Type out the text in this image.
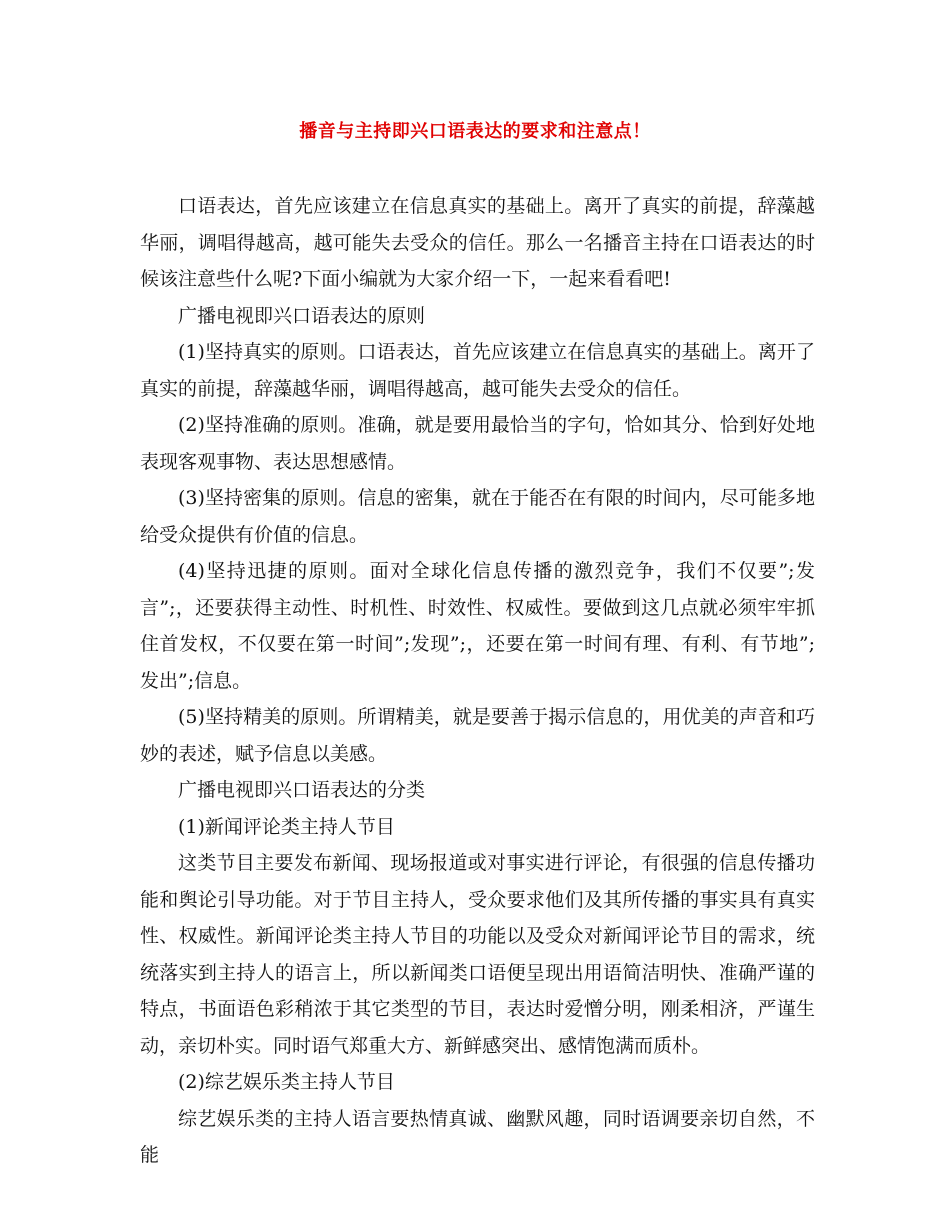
播音与主持即兴口语表达的要求和注意点！

口语表达，首先应该建立在信息真实的基础上。离开了真实的前提，辞藻越华丽，调唱得越高，越可能失去受众的信任。那么一名播音主持在口语表达的时候该注意些什么呢?下面小编就为大家介绍一下，一起来看看吧!

广播电视即兴口语表达的原则

(1)坚持真实的原则。口语表达，首先应该建立在信息真实的基础上。离开了真实的前提，辞藻越华丽，调唱得越高，越可能失去受众的信任。

(2)坚持准确的原则。准确，就是要用最恰当的字句，恰如其分、恰到好处地表现客观事物、表达思想感情。

(3)坚持密集的原则。信息的密集，就在于能否在有限的时间内，尽可能多地给受众提供有价值的信息。

(4)坚持迅捷的原则。面对全球化信息传播的激烈竞争，我们不仅要”;发言”;，还要获得主动性、时机性、时效性、权威性。要做到这几点就必须牢牢抓住首发权，不仅要在第一时间”;发现”;，还要在第一时间有理、有利、有节地”;发出”;信息。

(5)坚持精美的原则。所谓精美，就是要善于揭示信息的，用优美的声音和巧妙的表述，赋予信息以美感。

广播电视即兴口语表达的分类

(1)新闻评论类主持人节目

这类节目主要发布新闻、现场报道或对事实进行评论，有很强的信息传播功能和舆论引导功能。对于节目主持人，受众要求他们及其所传播的事实具有真实性、权威性。新闻评论类主持人节目的功能以及受众对新闻评论节目的需求，统统落实到主持人的语言上，所以新闻类口语便呈现出用语简洁明快、准确严谨的特点，书面语色彩稍浓于其它类型的节目，表达时爱憎分明，刚柔相济，严谨生动，亲切朴实。同时语气郑重大方、新鲜感突出、感情饱满而质朴。

(2)综艺娱乐类主持人节目

综艺娱乐类的主持人语言要热情真诚、幽默风趣，同时语调要亲切自然，不能
